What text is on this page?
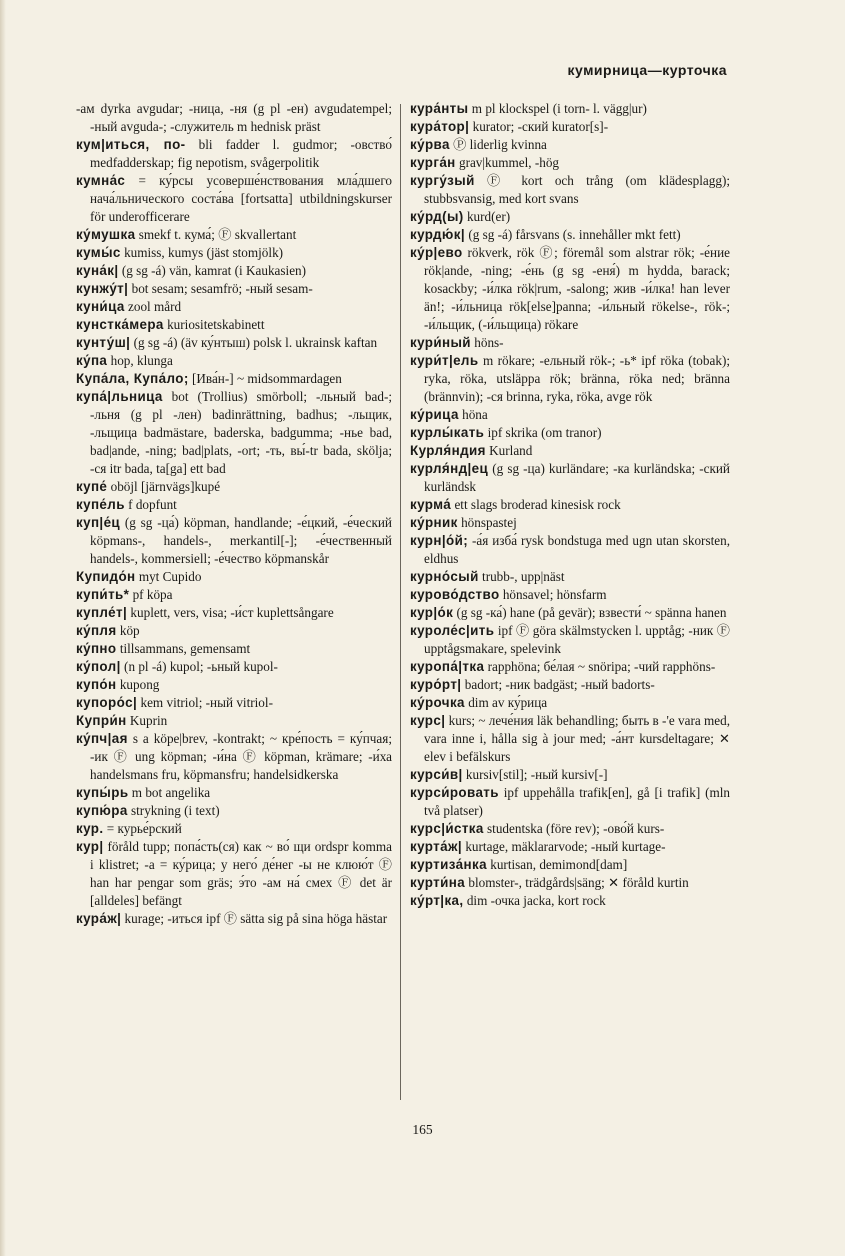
кумирница—курточка

-ам dyrka avgudar; -ница, -ня (g pl -ен) avgudatempel; -ный avguda-; -служитель m hednisk präst

кум|иться, по- bli fadder l. gudmor; -овство́ medfadderskap; fig nepotism, svågerpolitik

кумна́с = ку́рсы усоверше́нствования мла́дшего нача́льнического соста́ва [fortsatta] utbildningskurser för underofficerare

ку́мушка smekf t. кума́; Ⓕ skvallertant

кумы́с kumiss, kumys (jäst stomjölk)

куна́к| (g sg -á) vän, kamrat (i Kaukasien)

кунжу́т| bot sesam; sesamfrö; -ный sesam-

куни́ца zool mård

кунстка́мера kuriositetskabinett

кунту́ш| (g sg -á) (äv ку́нтыш) polsk l. ukrainsk kaftan

ку́па hop, klunga

Купа́ла, Купа́ло; [Ива́н-] ~ midsommardagen

купа́|льница bot (Trollius) smörboll; -льный bad-; -льня (g pl -лен) badinrättning, badhus; -льщик, -льщица badmästare, baderska, badgumma; -нье bad, bad|ande, -ning; bad|plats, -ort; -ть, вы́-tr bada, skölja; -ся itr bada, ta[ga] ett bad

купе́ oböjl [järnvägs]kupé

купе́ль f dopfunt

куп|е́ц (g sg -ца́) köpman, handlande; -е́цкий, -е́ческий köpmans-, handels-, merkantil[-]; -е́чественный handels-, kommersiell; -е́чество köpmanskår

Купидо́н myt Cupido

купи́ть* pf köpa

купле́т| kuplett, vers, visa; -и́ст kuplettsångare

ку́пля köp

ку́пно tillsammans, gemensamt

ку́пол| (n pl -á) kupol; -ьный kupol-

купо́н kupong

купоро́с| kem vitriol; -ный vitriol-

Купри́н Kuprin

ку́пч|ая s a köpe|brev, -kontrakt; ~ кре́пость = ку́пчая; -ик Ⓕ ung köpman; -и́на Ⓕ köpman, krämare; -и́ха handelsmans fru, köpmansfru; handelsidkerska

купы́рь m bot angelika

купю́ра strykning (i text)

кур. = курье́рский

кур| föråld tupp; попа́сть(ся) как ~ во́ щи ordspr komma i klistret; -а = ку́рица; у него́ де́нег -ы не клюю́т Ⓕ han har pengar som gräs; э́то -ам на́ смех Ⓕ det är [alldeles] befängt

кура́ж| kurage; -иться ipf Ⓕ sätta sig på sina höga hästar

кура́нты m pl klockspel (i torn- l. vägg|ur)

кура́тор| kurator; -ский kurator[s]-

ку́рва Ⓟ liderlig kvinna

курга́н grav|kummel, -hög

кургу́зый Ⓕ kort och trång (om klädesplagg); stubbsvansig, med kort svans

ку́рд(ы) kurd(er)

курдю́к| (g sg -á) fårsvans (s. innehåller mkt fett)

ку́р|ево rökverk, rök Ⓕ; föremål som alstrar rök; -е́ние rök|ande, -ning; -е́нь (g sg -еня́) m hydda, barack; kosackby; -и́лка rök|rum, -salong; жив -и́лка! han lever än!; -и́льница rök[else]panna; -и́льный rökelse-, rök-; -и́льщик, (-и́льщица) rökare

кури́ный höns-

кури́т|ель m rökare; -ельный rök-; -ь* ipf röka (tobak); ryka, röka, utsläppa rök; bränna, röka ned; bränna (brännvin); -ся brinna, ryka, röka, avge rök

ку́рица höna

курлы́кать ipf skrika (om tranor)

Курля́ндия Kurland

курля́нд|ец (g sg -ца) kurländare; -ка kurländska; -ский kurländsk

курма́ ett slags broderad kinesisk rock

ку́рник hönspastej

курн|о́й; -а́я изба́ rysk bondstuga med ugn utan skorsten, eldhus

курно́сый trubb-, upp|näst

курово́дство hönsavel; hönsfarm

кур|о́к (g sg -ка́) hane (på gevär); взвести́ ~ spänna hanen

куроле́с|ить ipf Ⓕ göra skälmstycken l. upptåg; -ник Ⓕ upptågsmakare, spelevink

куропа́|тка rapphöna; бе́лая ~ snöripa; -чий rapphöns-

куро́рт| badort; -ник badgäst; -ный badorts-

ку́рочка dim av ку́рица

курс| kurs; ~ лече́ния läk behandling; быть в -'е vara med, vara inne i, hålla sig à jour med; -а́нт kursdeltagare; ✕ elev i befälskurs

курси́в| kursiv[stil]; -ный kursiv[-]

курси́ровать ipf uppehålla trafik[en], gå [i trafik] (mln två platser)

курс|и́стка studentska (före rev); -ово́й kurs-

курта́ж| kurtage, mäklararvode; -ный kurtage-

куртиза́нка kurtisan, demimond[dam]

курти́на blomster-, trädgårds|säng; ✕ föråld kurtin

ку́рт|ка, dim -очка jacka, kort rock

165
